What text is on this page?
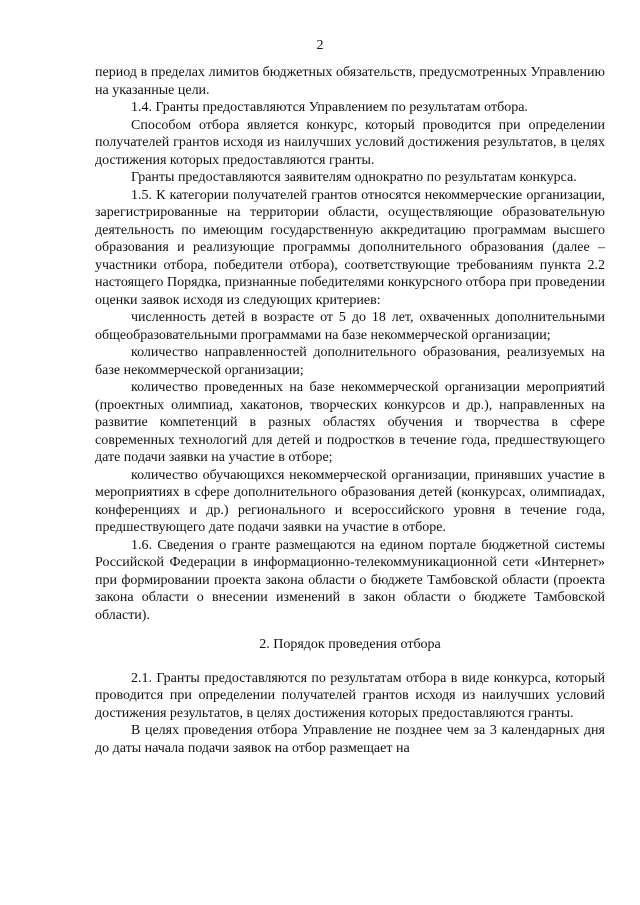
2

период в пределах лимитов бюджетных обязательств, предусмотренных Управлению на указанные цели.

1.4. Гранты предоставляются Управлением по результатам отбора.

Способом отбора является конкурс, который проводится при определении получателей грантов исходя из наилучших условий достижения результатов, в целях достижения которых предоставляются гранты.

Гранты предоставляются заявителям однократно по результатам конкурса.

1.5. К категории получателей грантов относятся некоммерческие организации, зарегистрированные на территории области, осуществляющие образовательную деятельность по имеющим государственную аккредитацию программам высшего образования и реализующие программы дополнительного образования (далее – участники отбора, победители отбора), соответствующие требованиям пункта 2.2 настоящего Порядка, признанные победителями конкурсного отбора при проведении оценки заявок исходя из следующих критериев:

численность детей в возрасте от 5 до 18 лет, охваченных дополнительными общеобразовательными программами на базе некоммерческой организации;

количество направленностей дополнительного образования, реализуемых на базе некоммерческой организации;

количество проведенных на базе некоммерческой организации мероприятий (проектных олимпиад, хакатонов, творческих конкурсов и др.), направленных на развитие компетенций в разных областях обучения и творчества в сфере современных технологий для детей и подростков в течение года, предшествующего дате подачи заявки на участие в отборе;

количество обучающихся некоммерческой организации, принявших участие в мероприятиях в сфере дополнительного образования детей (конкурсах, олимпиадах, конференциях и др.) регионального и всероссийского уровня в течение года, предшествующего дате подачи заявки на участие в отборе.

1.6. Сведения о гранте размещаются на едином портале бюджетной системы Российской Федерации в информационно-телекоммуникационной сети «Интернет» при формировании проекта закона области о бюджете Тамбовской области (проекта закона области о внесении изменений в закон области о бюджете Тамбовской области).

2. Порядок проведения отбора

2.1. Гранты предоставляются по результатам отбора в виде конкурса, который проводится при определении получателей грантов исходя из наилучших условий достижения результатов, в целях достижения которых предоставляются гранты.

В целях проведения отбора Управление не позднее чем за 3 календарных дня до даты начала подачи заявок на отбор размещает на
